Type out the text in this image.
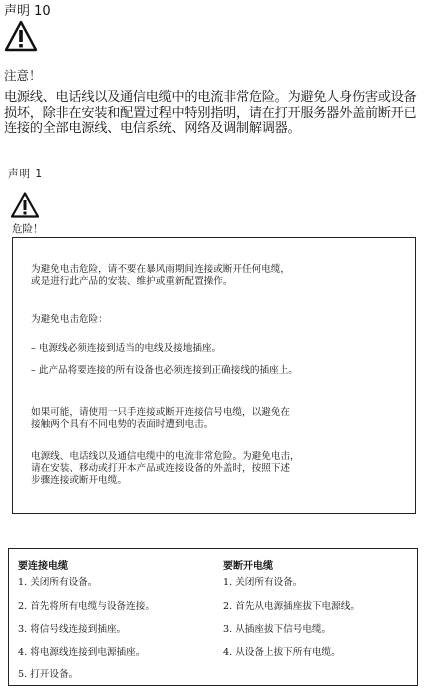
声明 10
注意！
电源线、电话线以及通信电缆中的电流非常危险。为避免人身伤害或设备损坏，除非在安装和配置过程中特别指明，请在打开服务器外盖前断开已连接的全部电源线、电信系统、网络及调制解调器。
声明 1
危险！
为避免电击危险，请不要在暴风雨期间连接或断开任何电缆，
或是进行此产品的安装、维护或重新配置操作。
为避免电击危险：
– 电源线必须连接到适当的电线及接地插座。
– 此产品将要连接的所有设备也必须连接到正确接线的插座上。
如果可能，请使用一只手连接或断开连接信号电缆，以避免在
接触两个具有不同电势的表面时遭到电击。
电源线、电话线以及通信电缆中的电流非常危险。为避免电击，
请在安装、移动或打开本产品或连接设备的外盖时，按照下述
步骤连接或断开电缆。
要连接电缆
1. 关闭所有设备。
2. 首先将所有电缆与设备连接。
3. 将信号线连接到插座。
4. 将电源线连接到电源插座。
5. 打开设备。
要断开电缆
1. 关闭所有设备。
2. 首先从电源插座拔下电源线。
3. 从插座拔下信号电缆。
4. 从设备上拔下所有电缆。
